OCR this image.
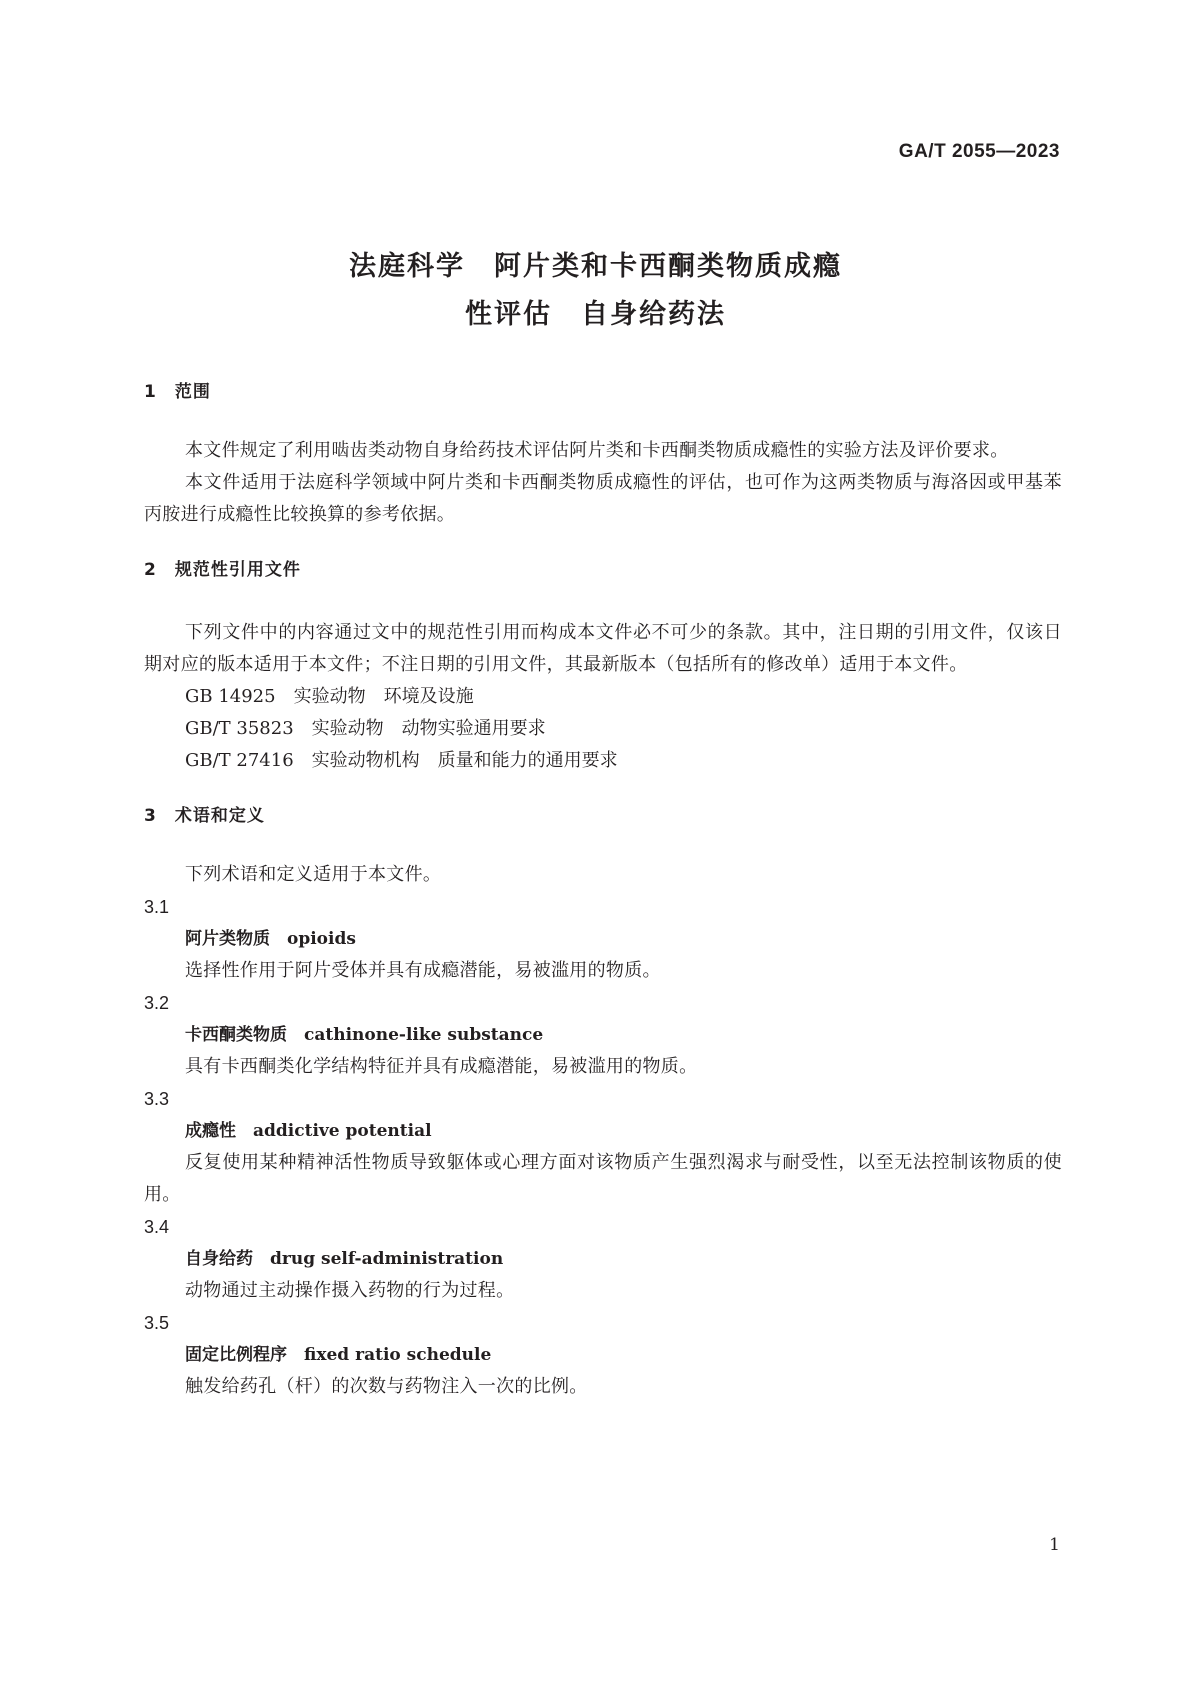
GA/T 2055—2023
法庭科学　阿片类和卡西酮类物质成瘾
性评估　自身给药法
1　范围

本文件规定了利用啮齿类动物自身给药技术评估阿片类和卡西酮类物质成瘾性的实验方法及评价要求。

本文件适用于法庭科学领域中阿片类和卡西酮类物质成瘾性的评估，也可作为这两类物质与海洛因或甲基苯丙胺进行成瘾性比较换算的参考依据。

2　规范性引用文件

下列文件中的内容通过文中的规范性引用而构成本文件必不可少的条款。其中，注日期的引用文件，仅该日期对应的版本适用于本文件；不注日期的引用文件，其最新版本（包括所有的修改单）适用于本文件。

GB 14925　实验动物　环境及设施
GB/T 35823　实验动物　动物实验通用要求
GB/T 27416　实验动物机构　质量和能力的通用要求
3　术语和定义

下列术语和定义适用于本文件。

3.1
阿片类物质　 opioids

选择性作用于阿片受体并具有成瘾潜能，易被滥用的物质。

3.2
卡西酮类物质　 cathinone-like substance

具有卡西酮类化学结构特征并具有成瘾潜能，易被滥用的物质。

3.3
成瘾性　 addictive potential

反复使用某种精神活性物质导致躯体或心理方面对该物质产生强烈渴求与耐受性，以至无法控制该物质的使用。

3.4
自身给药　 drug self-administration

动物通过主动操作摄入药物的行为过程。

3.5
固定比例程序　 fixed ratio schedule

触发给药孔（杆）的次数与药物注入一次的比例。

1
